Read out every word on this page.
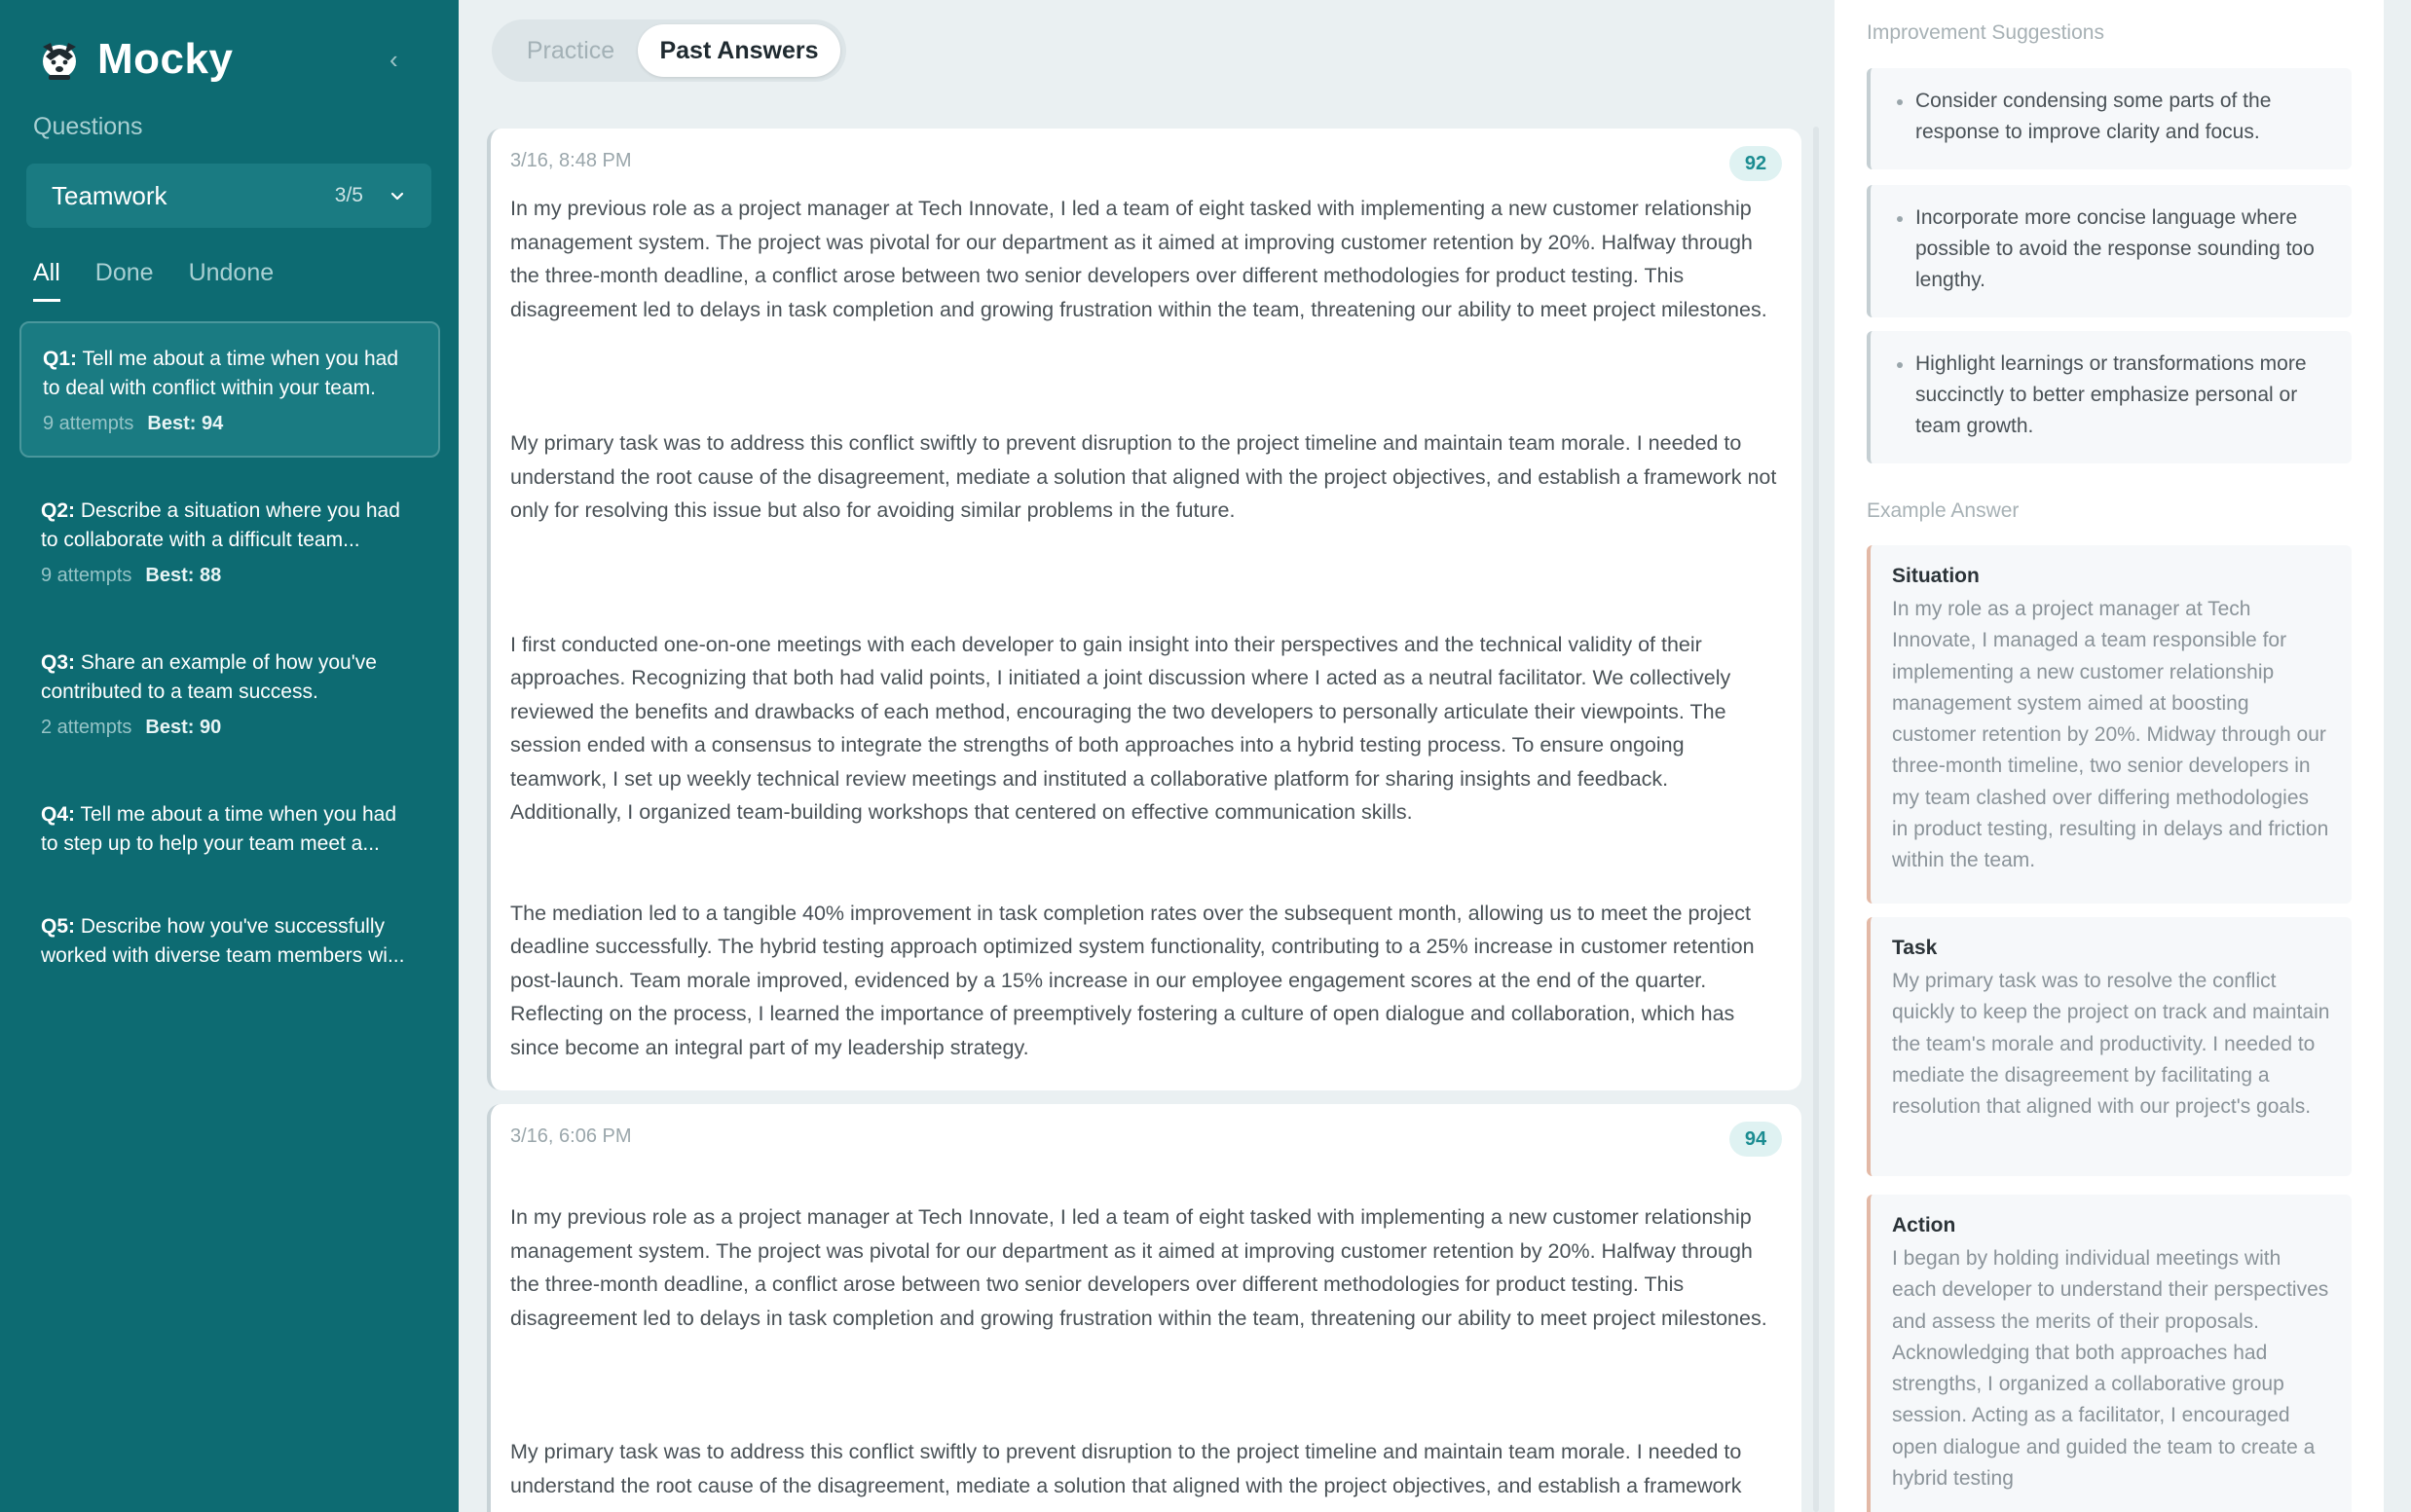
Mocky	‹
Questions
Teamwork	3/5
All Done Undone
Q1: Tell me about a time when you had to deal with conflict within your team.
9 attempts Best: 94
Q2: Describe a situation where you had to collaborate with a difficult team...
9 attempts Best: 88
Q3: Share an example of how you've contributed to a team success.
2 attempts Best: 90
Q4: Tell me about a time when you had to step up to help your team meet a...
Q5: Describe how you've successfully worked with diverse team members wi...
Practice	Past Answers
3/16, 8:48 PM	92

In my previous role as a project manager at Tech Innovate, I led a team of eight tasked with implementing a new customer relationship management system. The project was pivotal for our department as it aimed at improving customer retention by 20%. Halfway through the three-month deadline, a conflict arose between two senior developers over different methodologies for product testing. This disagreement led to delays in task completion and growing frustration within the team, threatening our ability to meet project milestones.

My primary task was to address this conflict swiftly to prevent disruption to the project timeline and maintain team morale. I needed to understand the root cause of the disagreement, mediate a solution that aligned with the project objectives, and establish a framework not only for resolving this issue but also for avoiding similar problems in the future.

I first conducted one-on-one meetings with each developer to gain insight into their perspectives and the technical validity of their approaches. Recognizing that both had valid points, I initiated a joint discussion where I acted as a neutral facilitator. We collectively reviewed the benefits and drawbacks of each method, encouraging the two developers to personally articulate their viewpoints. The session ended with a consensus to integrate the strengths of both approaches into a hybrid testing process. To ensure ongoing teamwork, I set up weekly technical review meetings and instituted a collaborative platform for sharing insights and feedback. Additionally, I organized team-building workshops that centered on effective communication skills.

The mediation led to a tangible 40% improvement in task completion rates over the subsequent month, allowing us to meet the project deadline successfully. The hybrid testing approach optimized system functionality, contributing to a 25% increase in customer retention post-launch. Team morale improved, evidenced by a 15% increase in our employee engagement scores at the end of the quarter. Reflecting on the process, I learned the importance of preemptively fostering a culture of open dialogue and collaboration, which has since become an integral part of my leadership strategy.

3/16, 6:06 PM	94

In my previous role as a project manager at Tech Innovate, I led a team of eight tasked with implementing a new customer relationship management system. The project was pivotal for our department as it aimed at improving customer retention by 20%. Halfway through the three-month deadline, a conflict arose between two senior developers over different methodologies for product testing. This disagreement led to delays in task completion and growing frustration within the team, threatening our ability to meet project milestones.

My primary task was to address this conflict swiftly to prevent disruption to the project timeline and maintain team morale. I needed to understand the root cause of the disagreement, mediate a solution that aligned with the project objectives, and establish a framework

Improvement Suggestions
Consider condensing some parts of the response to improve clarity and focus.
Incorporate more concise language where possible to avoid the response sounding too lengthy.
Highlight learnings or transformations more succinctly to better emphasize personal or team growth.
Example Answer
Situation
In my role as a project manager at Tech Innovate, I managed a team responsible for implementing a new customer relationship management system aimed at boosting customer retention by 20%. Midway through our three-month timeline, two senior developers in my team clashed over differing methodologies in product testing, resulting in delays and friction within the team.
Task
My primary task was to resolve the conflict quickly to keep the project on track and maintain the team's morale and productivity. I needed to mediate the disagreement by facilitating a resolution that aligned with our project's goals.
Action
I began by holding individual meetings with each developer to understand their perspectives and assess the merits of their proposals. Acknowledging that both approaches had strengths, I organized a collaborative group session. Acting as a facilitator, I encouraged open dialogue and guided the team to create a hybrid testing
